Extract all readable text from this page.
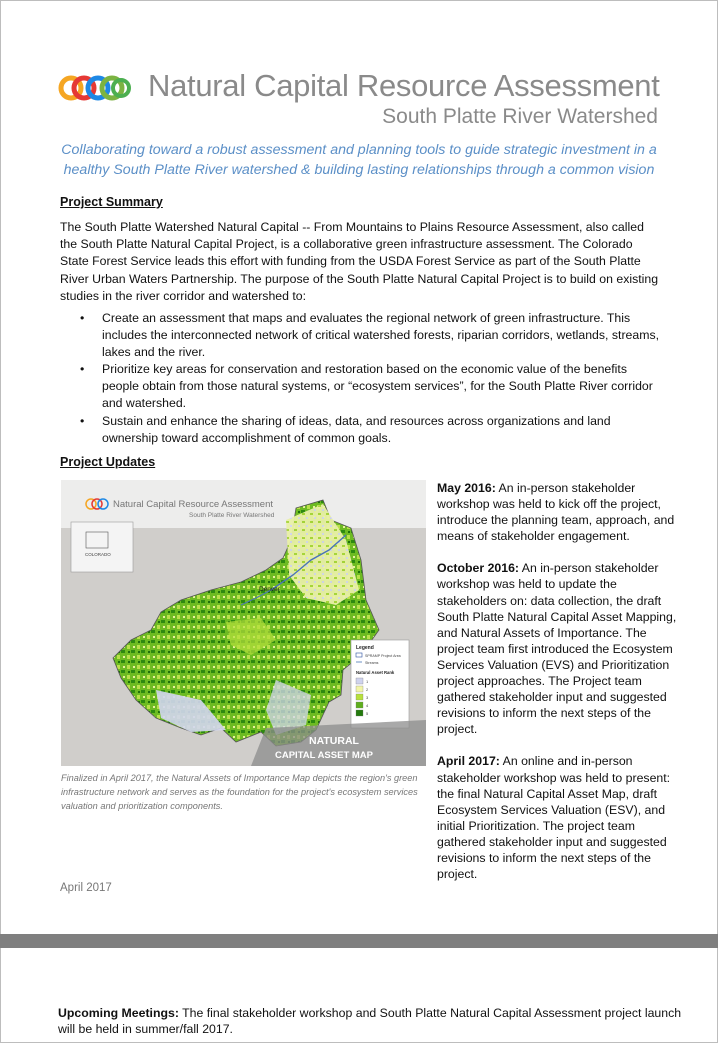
Natural Capital Resource Assessment
South Platte River Watershed
Collaborating toward a robust assessment and planning tools to guide strategic investment in a healthy South Platte River watershed & building lasting relationships through a common vision
Project Summary
The South Platte Watershed Natural Capital -- From Mountains to Plains Resource Assessment, also called the South Platte Natural Capital Project, is a collaborative green infrastructure assessment. The Colorado State Forest Service leads this effort with funding from the USDA Forest Service as part of the South Platte River Urban Waters Partnership. The purpose of the South Platte Natural Capital Project is to build on existing studies in the river corridor and watershed to:
• Create an assessment that maps and evaluates the regional network of green infrastructure. This includes the interconnected network of critical watershed forests, riparian corridors, wetlands, streams, lakes and the river.
• Prioritize key areas for conservation and restoration based on the economic value of the benefits people obtain from those natural systems, or “ecosystem services”, for the South Platte River corridor and watershed.
• Sustain and enhance the sharing of ideas, data, and resources across organizations and land ownership toward accomplishment of common goals.
Project Updates
Denver
Natural Capital Resource Assessment
South Platte River Watershed
COLORADO
Legend
SPRAMP Project Area
Streams
Natural Asset Rank
1
2
3
4
5
NATURAL
CAPITAL ASSET MAP
Finalized in April 2017, the Natural Assets of Importance Map depicts the region's green infrastructure network and serves as the foundation for the project's ecosystem services valuation and prioritization components.

May 2016: An in-person stakeholder workshop was held to kick off the project, introduce the planning team, approach, and means of stakeholder engagement.

October 2016: An in-person stakeholder workshop was held to update the stakeholders on: data collection, the draft South Platte Natural Capital Asset Mapping, and Natural Assets of Importance. The project team first introduced the Ecosystem Services Valuation (EVS) and Prioritization project approaches. The Project team gathered stakeholder input and suggested revisions to inform the next steps of the project.

April 2017: An online and in-person stakeholder workshop was held to present: the final Natural Capital Asset Map, draft Ecosystem Services Valuation (ESV), and initial Prioritization. The project team gathered stakeholder input and suggested revisions to inform the next steps of the project.

April 2017
Upcoming Meetings: The final stakeholder workshop and South Platte Natural Capital Assessment project launch will be held in summer/fall 2017.
